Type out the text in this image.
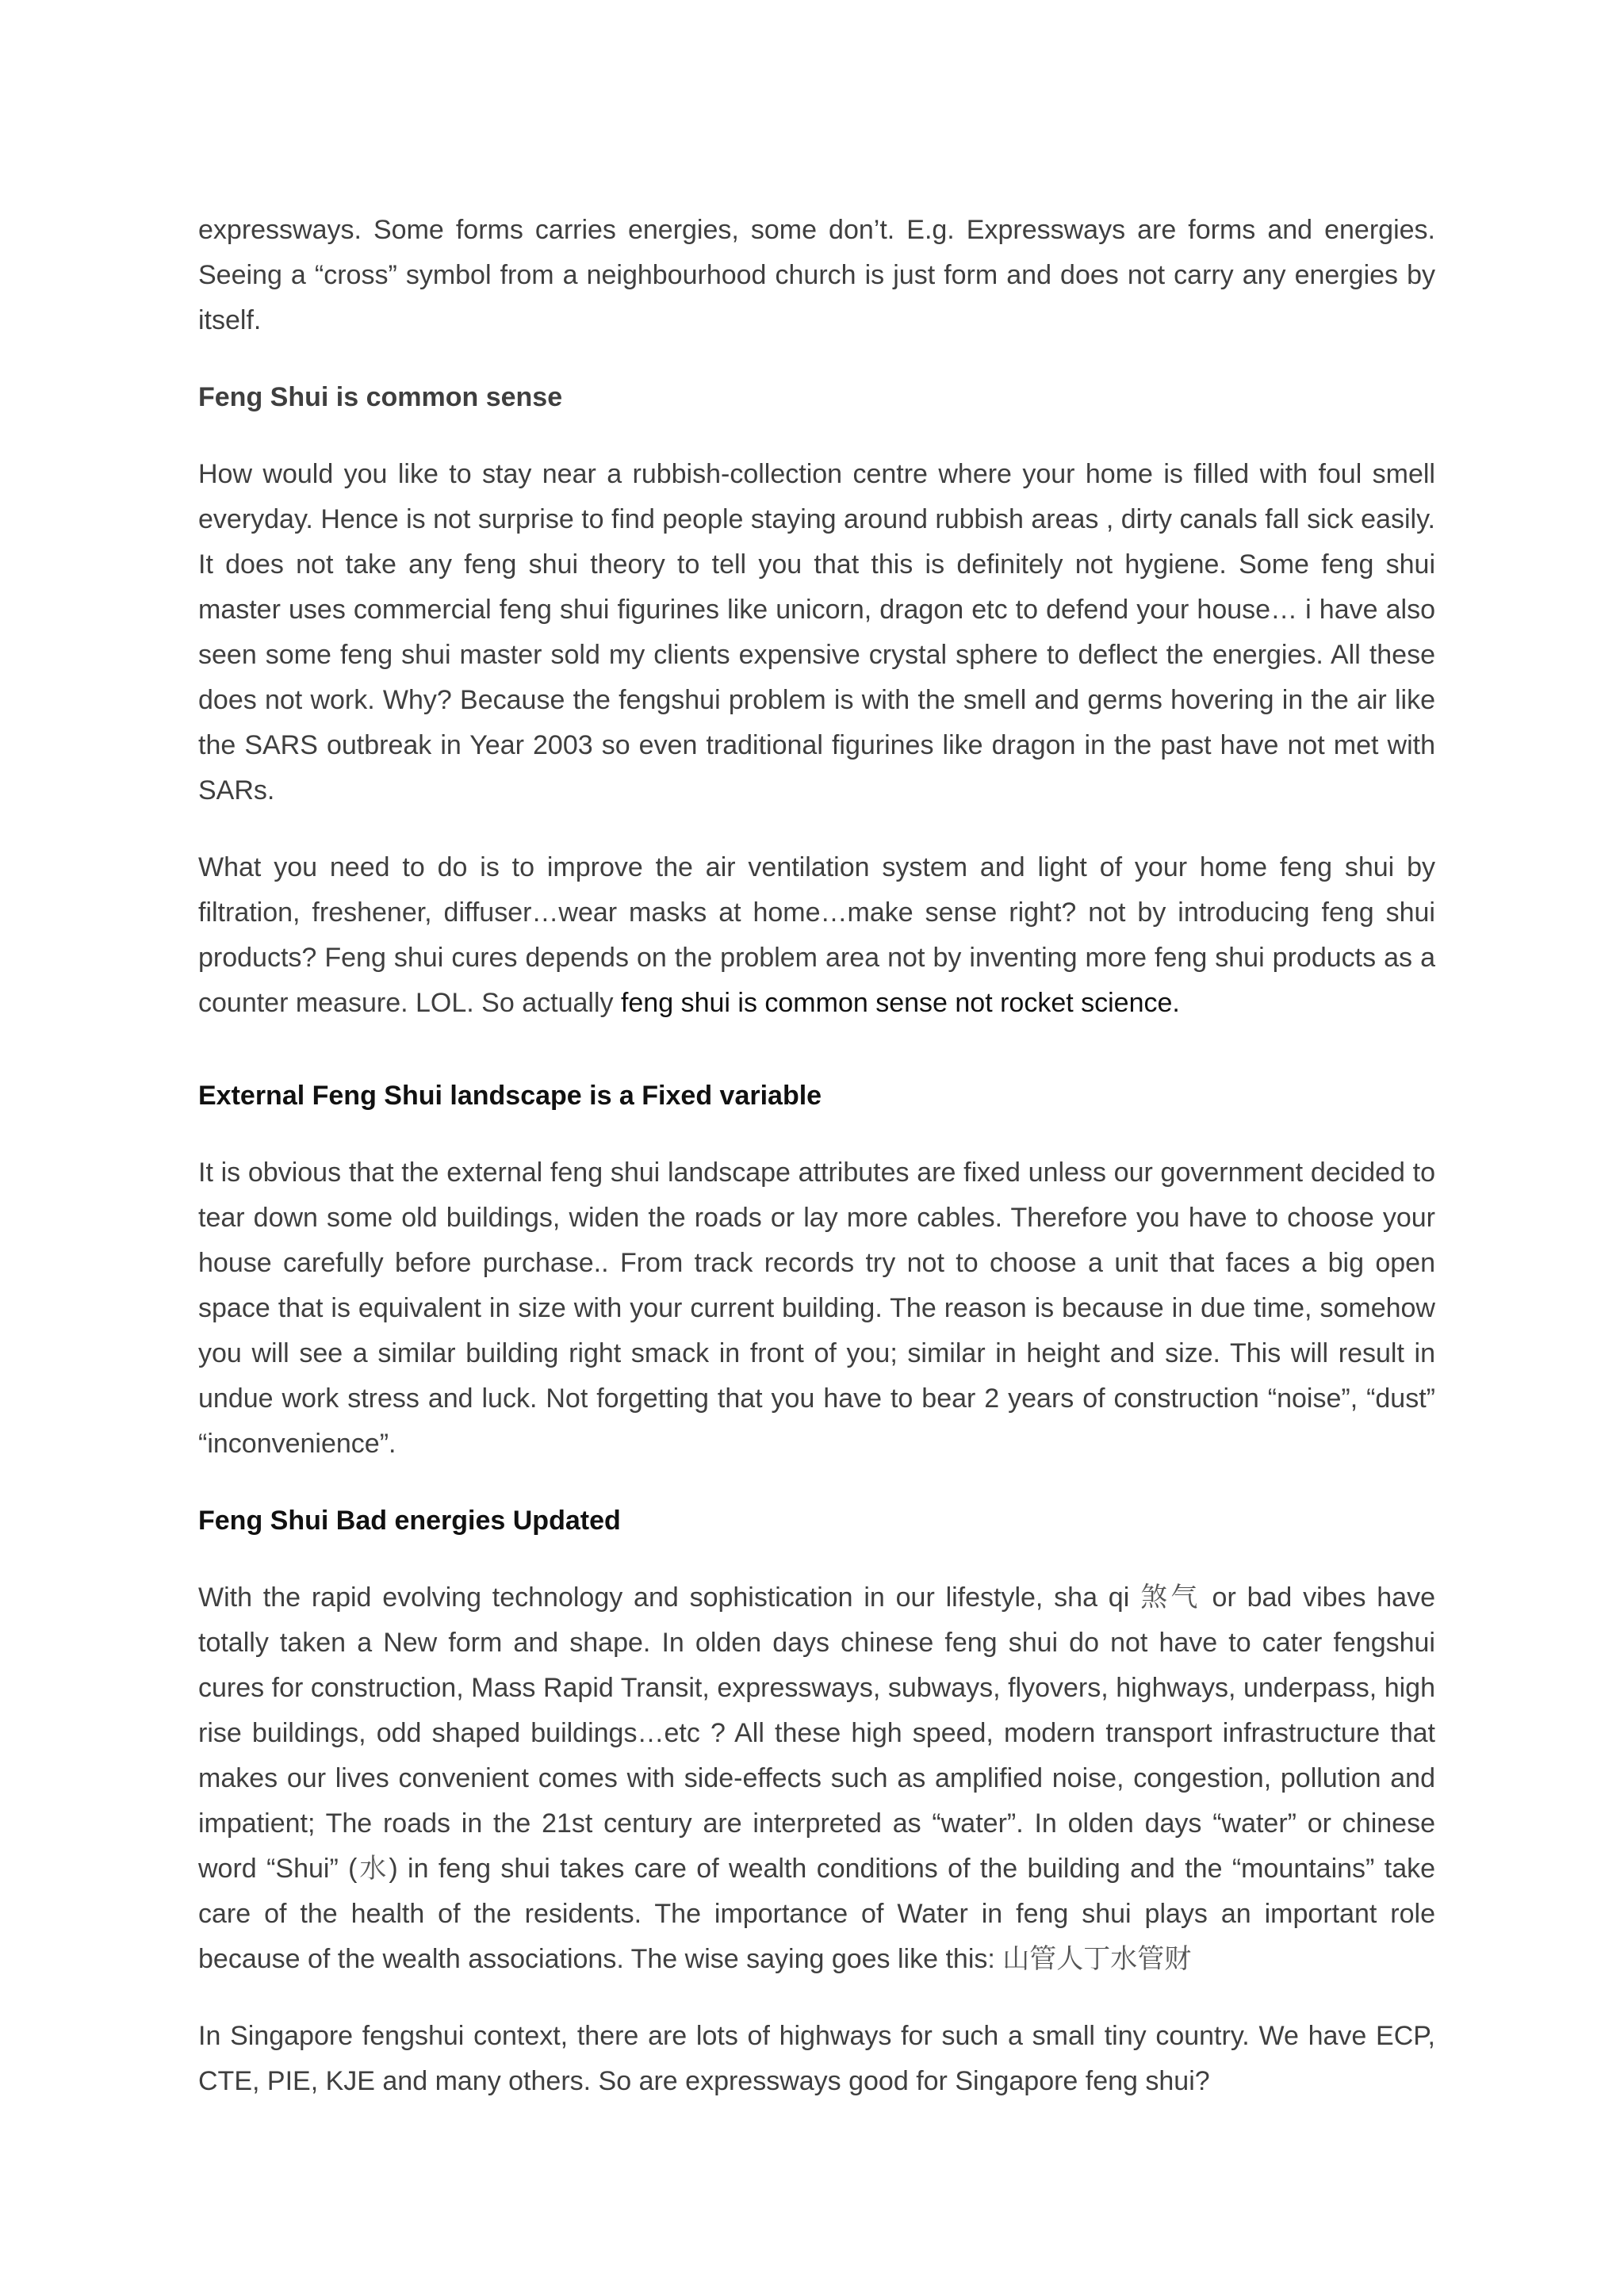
expressways. Some forms carries energies, some don’t. E.g. Expressways are forms and energies. Seeing a “cross” symbol from a neighbourhood church is just form and does not carry any energies by itself.

Feng Shui is common sense

How would you like to stay near a rubbish-collection centre where your home is filled with foul smell everyday. Hence is not surprise to find people staying around rubbish areas , dirty canals fall sick easily. It does not take any feng shui theory to tell you that this is definitely not hygiene. Some feng shui master uses commercial feng shui figurines like unicorn, dragon etc to defend your house… i have also seen some feng shui master sold my clients expensive crystal sphere to deflect the energies. All these does not work. Why? Because the fengshui problem is with the smell and germs hovering in the air like the SARS outbreak in Year 2003 so even traditional figurines like dragon in the past have not met with SARs.

What you need to do is to improve the air ventilation system and light of your home feng shui by filtration, freshener, diffuser…wear masks at home…make sense right? not by introducing feng shui products? Feng shui cures depends on the problem area not by inventing more feng shui products as a counter measure. LOL. So actually feng shui is common sense not rocket science.

External Feng Shui landscape is a Fixed variable

It is obvious that the external feng shui landscape attributes are fixed unless our government decided to tear down some old buildings, widen the roads or lay more cables. Therefore you have to choose your house carefully before purchase.. From track records try not to choose a unit that faces a big open space that is equivalent in size with your current building. The reason is because in due time, somehow you will see a similar building right smack in front of you; similar in height and size. This will result in undue work stress and luck. Not forgetting that you have to bear 2 years of construction “noise”, “dust” “inconvenience”.

Feng Shui Bad energies Updated

With the rapid evolving technology and sophistication in our lifestyle, sha qi 煞气 or bad vibes have totally taken a New form and shape. In olden days chinese feng shui do not have to cater fengshui cures for construction, Mass Rapid Transit, expressways, subways, flyovers, highways, underpass, high rise buildings, odd shaped buildings…etc ? All these high speed, modern transport infrastructure that makes our lives convenient comes with side-effects such as amplified noise, congestion, pollution and impatient; The roads in the 21st century are interpreted as “water”. In olden days “water” or chinese word “Shui” (水) in feng shui takes care of wealth conditions of the building and the “mountains” take care of the health of the residents. The importance of Water in feng shui plays an important role because of the wealth associations. The wise saying goes like this: 山管人丁水管财

In Singapore fengshui context, there are lots of highways for such a small tiny country. We have ECP, CTE, PIE, KJE and many others. So are expressways good for Singapore feng shui?
